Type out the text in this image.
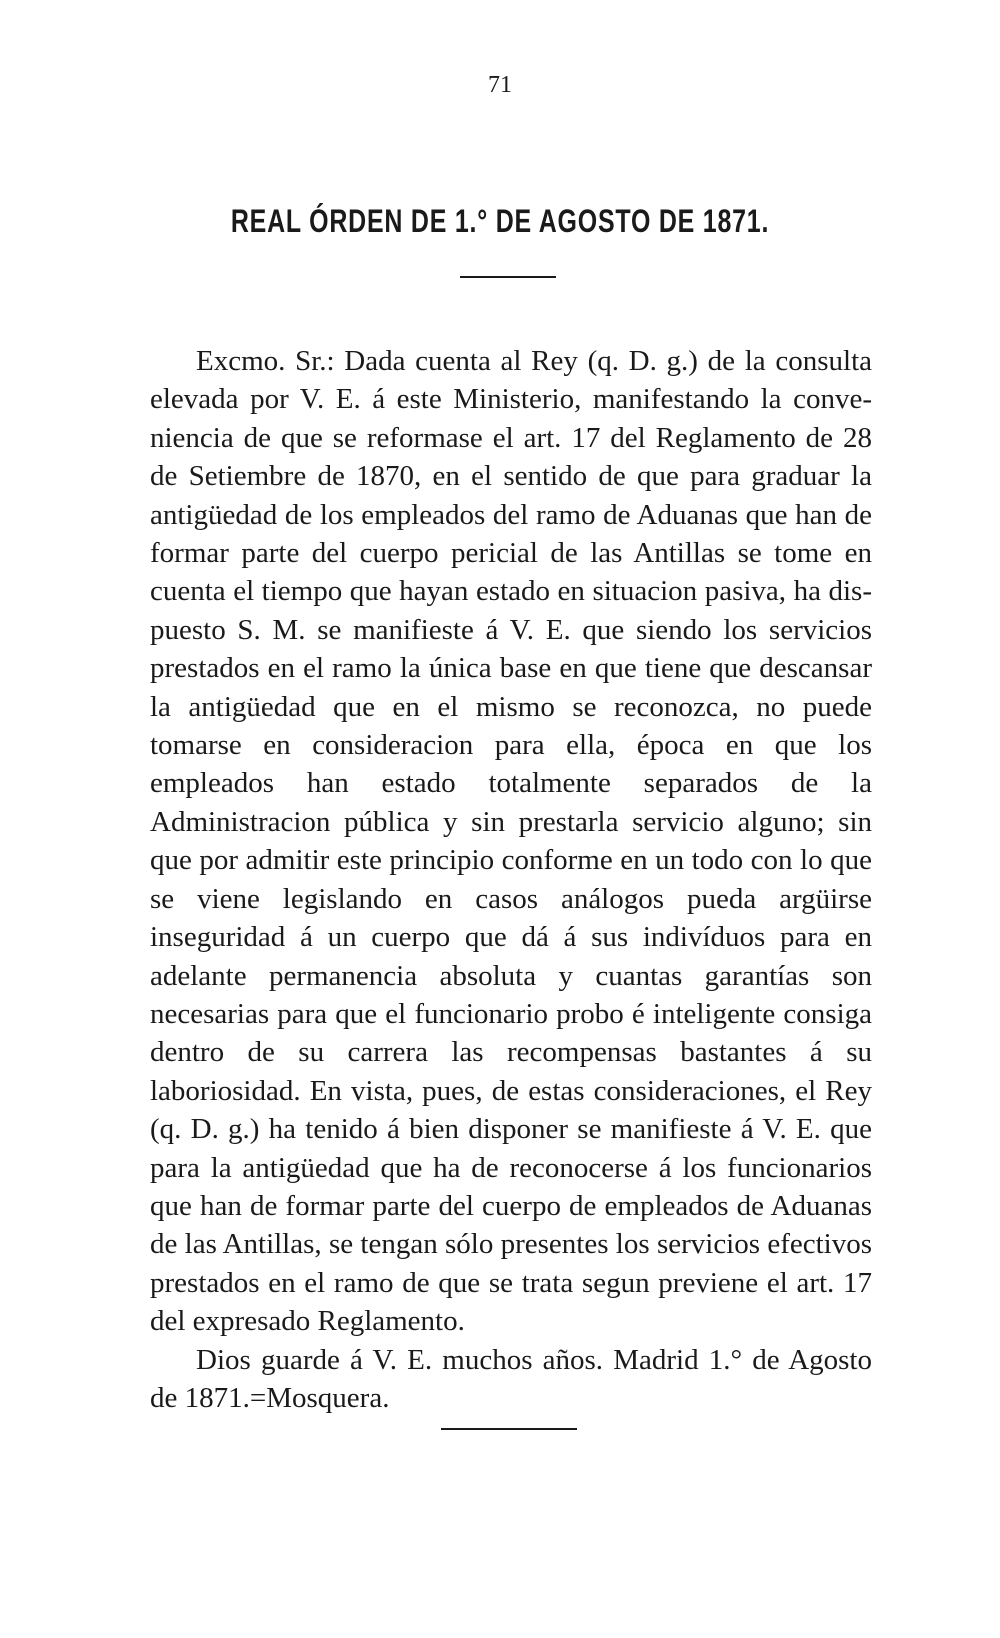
71
REAL ÓRDEN DE 1.° DE AGOSTO DE 1871.

Excmo. Sr.: Dada cuenta al Rey (q. D. g.) de la consulta elevada por V. E. á este Ministerio, manifestando la conveniencia de que se reformase el art. 17 del Reglamento de 28 de Setiembre de 1870, en el sentido de que para graduar la antigüedad de los empleados del ramo de Aduanas que han de formar parte del cuerpo pericial de las Antillas se tome en cuenta el tiempo que hayan estado en situacion pasiva, ha dispuesto S. M. se manifieste á V. E. que siendo los servicios prestados en el ramo la única base en que tiene que descansar la antigüedad que en el mismo se reconozca, no puede tomarse en consideracion para ella, época en que los empleados han estado totalmente separados de la Administracion pública y sin prestarla servicio alguno; sin que por admitir este principio conforme en un todo con lo que se viene legislando en casos análogos pueda argüirse inseguridad á un cuerpo que dá á sus indivíduos para en adelante permanencia absoluta y cuantas garantías son necesarias para que el funcionario probo é inteligente consiga dentro de su carrera las recompensas bastantes á su laboriosidad. En vista, pues, de estas consideraciones, el Rey (q. D. g.) ha tenido á bien disponer se manifieste á V. E. que para la antigüedad que ha de reconocerse á los funcionarios que han de formar parte del cuerpo de empleados de Aduanas de las Antillas, se tengan sólo presentes los servicios efectivos prestados en el ramo de que se trata segun previene el art. 17 del expresado Reglamento.

Dios guarde á V. E. muchos años. Madrid 1.° de Agosto de 1871.=Mosquera.
